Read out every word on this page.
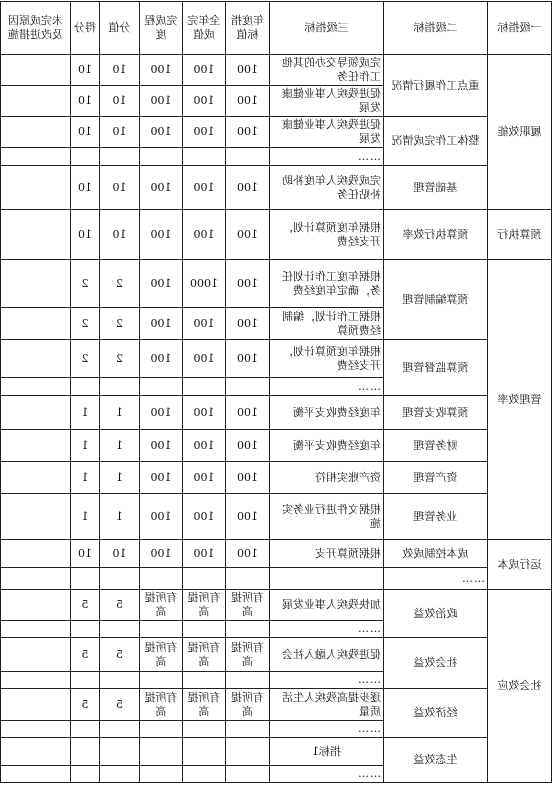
一级指标	二级指标	三级指标	年度指标值	全年完成值	完成程度	分值	得分	未完成原因及改进措施
履职效能	重点工作履行情况	完成领导交办的其他工作任务	100	100	100	10	10	
		促进残疾人事业健康发展	100	100	100	10	10	
	整体工作完成情况	促进残疾人事业健康发展	100	100	100	10	10	
		……						
	基础管理	完成残疾人年度补助补贴任务	100	100	100	10	10	
预算执行	预算执行效率	根据年度预算计划，开支经费	100	100	100	10	10	
管理效率	预算编制管理	根据年度工作计划任务，确定年度经费	100	1000	100	2	2	
		根据工作计划，编制经费预算	100	100	100	2	2	
	预算监督管理	根据年度预算计划，开支经费	100	100	100	2	2	
		……						
	预算收支管理	年度经费收支平衡	100	100	100	1	1	
	财务管理	年度经费收支平衡	100	100	100	1	1	
	资产管理	资产账实相符	100	100	100	1	1	
	业务管理	根据文件进行业务实施	100	100	100	1	1	
运行成本	成本控制成效	根据预算开支	100	100	100	10	10	
	……							
社会效应	政治效益	加快残疾人事业发展	有所提高	有所提高	有所提高	5	5	
		……						
	社会效益	促进残疾人融入社会	有所提高	有所提高	有所提高	5	5	
		……						
	经济效益	逐步提高残疾人生活质量	有所提高	有所提高	有所提高	5	5	
		……						
	生态效益	指标1						
		……						
